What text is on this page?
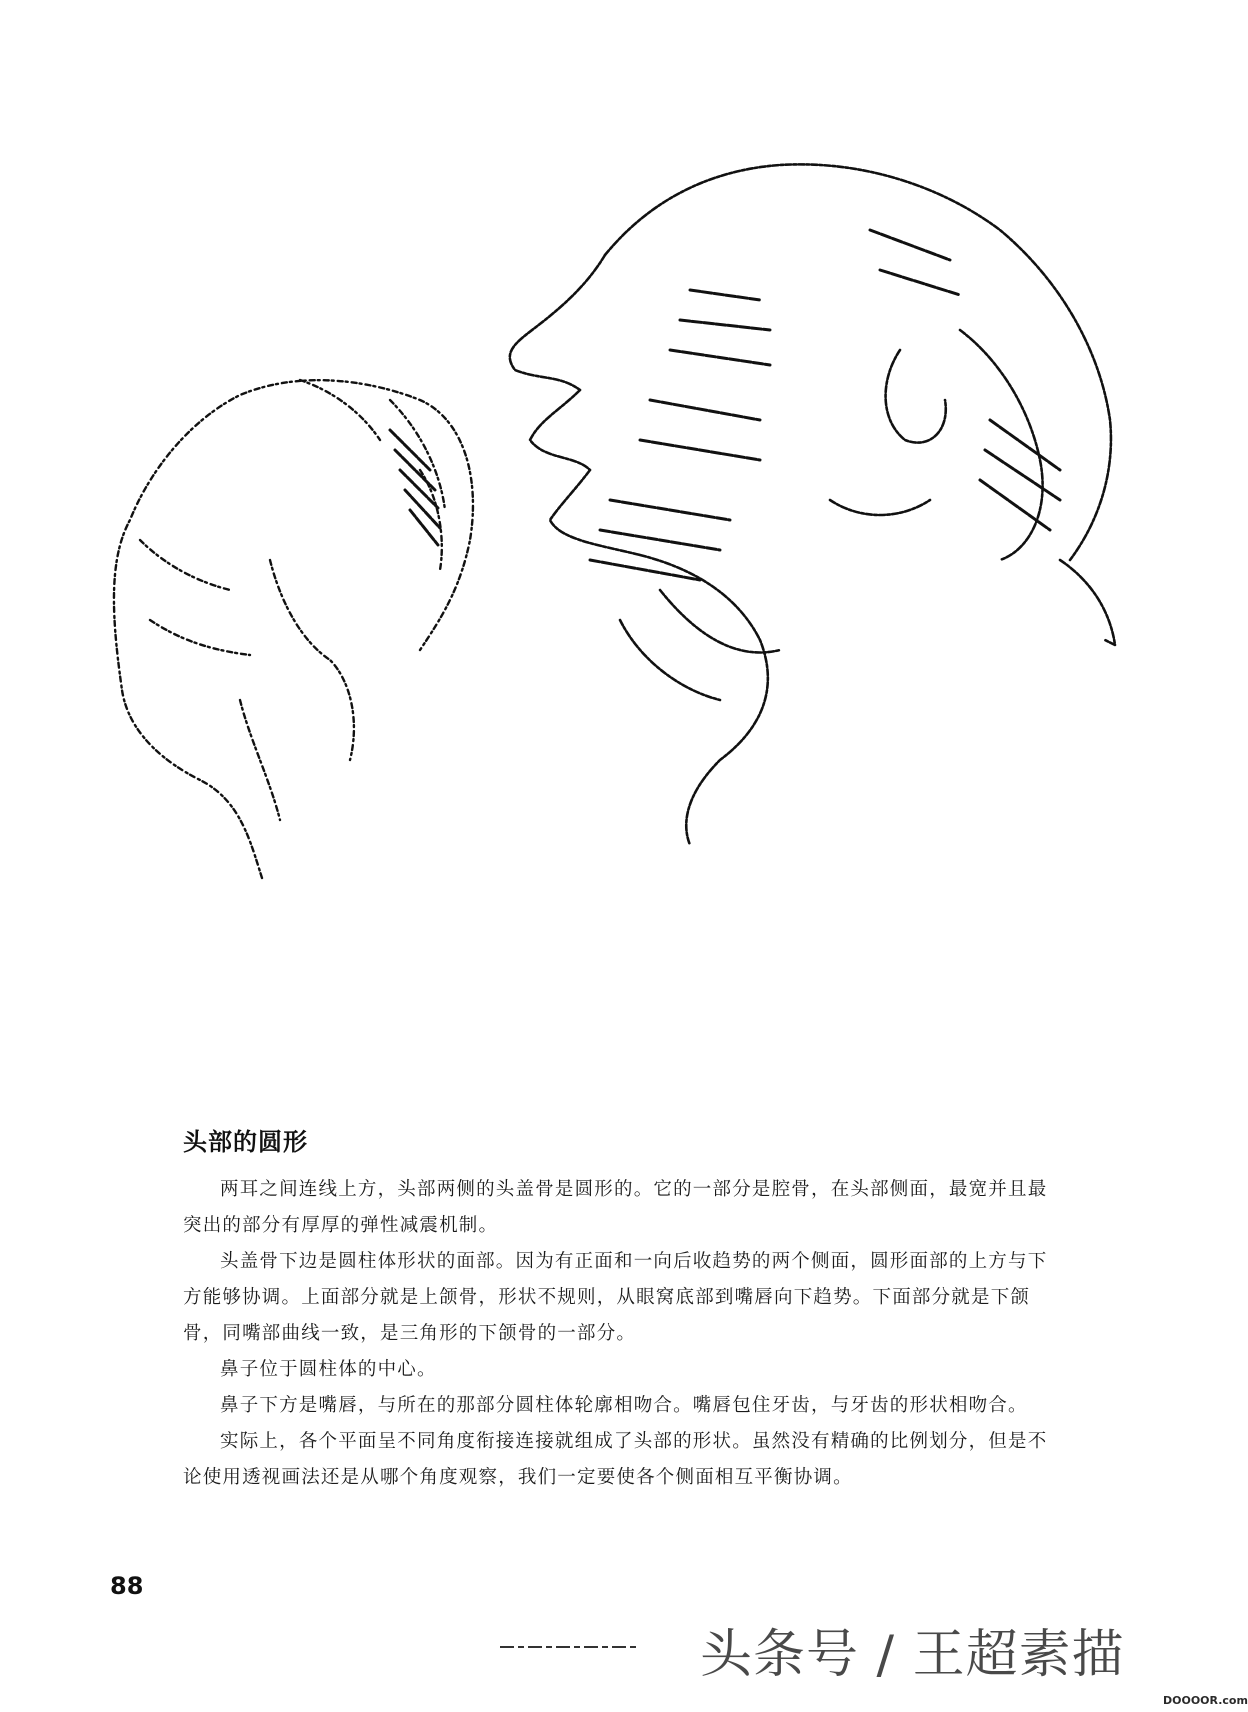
头部的圆形

两耳之间连线上方，头部两侧的头盖骨是圆形的。它的一部分是腔骨，在头部侧面，最宽并且最突出的部分有厚厚的弹性减震机制。

头盖骨下边是圆柱体形状的面部。因为有正面和一向后收趋势的两个侧面，圆形面部的上方与下方能够协调。上面部分就是上颌骨，形状不规则，从眼窝底部到嘴唇向下趋势。下面部分就是下颌骨，同嘴部曲线一致，是三角形的下颌骨的一部分。

鼻子位于圆柱体的中心。

鼻子下方是嘴唇，与所在的那部分圆柱体轮廓相吻合。嘴唇包住牙齿，与牙齿的形状相吻合。

实际上，各个平面呈不同角度衔接连接就组成了头部的形状。虽然没有精确的比例划分，但是不论使用透视画法还是从哪个角度观察，我们一定要使各个侧面相互平衡协调。

88
头条号 / 王超素描
DOOOOR.com
